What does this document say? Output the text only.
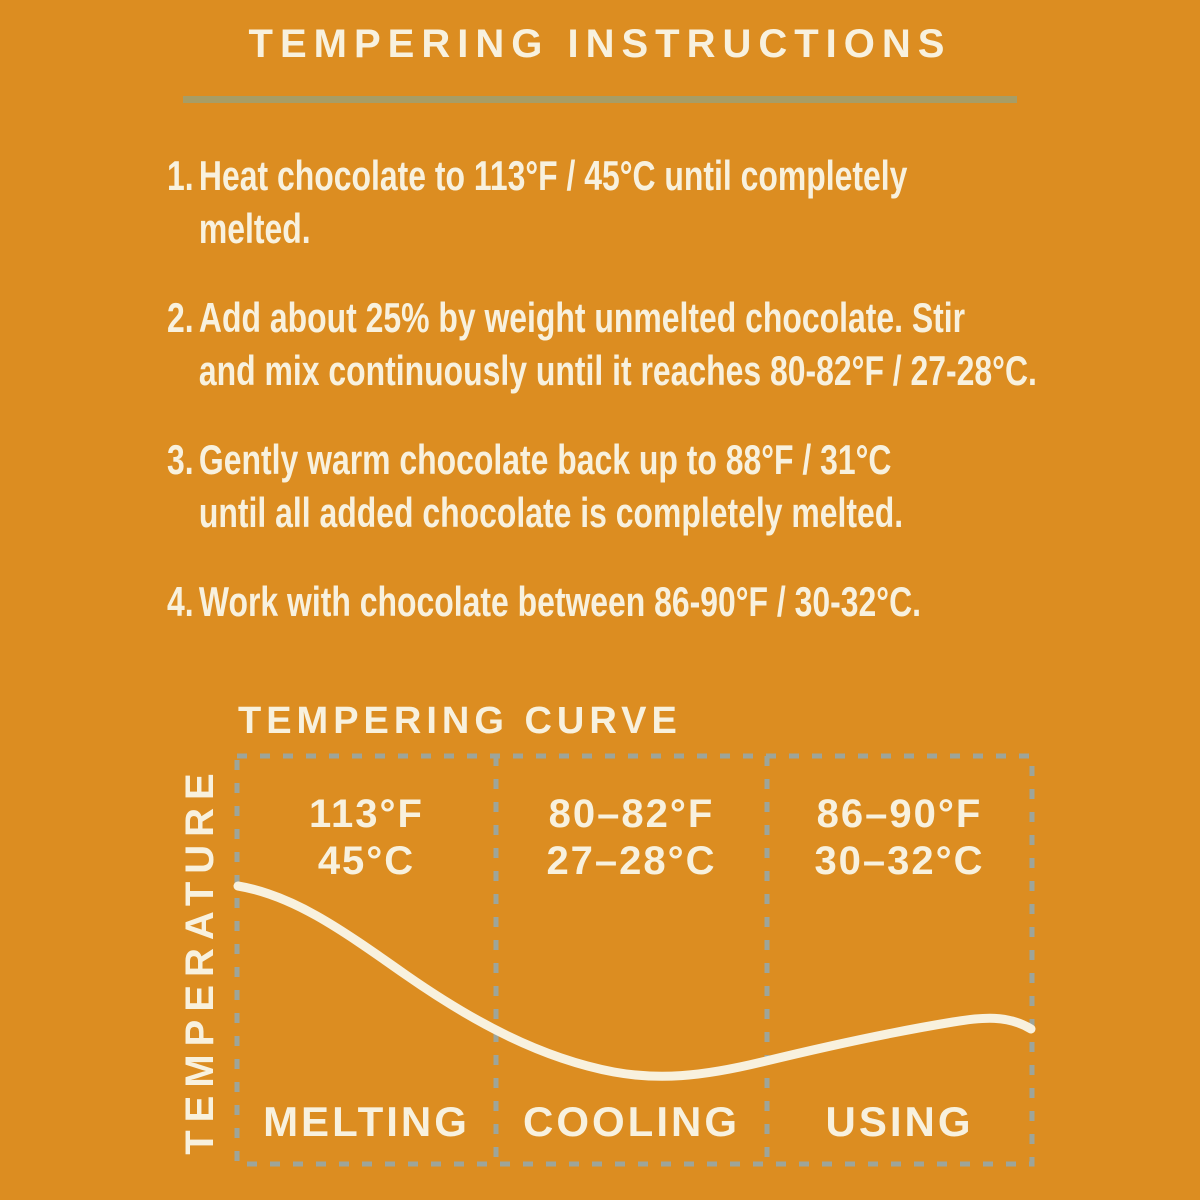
TEMPERING INSTRUCTIONS
1. Heat chocolate to 113°F / 45°C until completely
melted.
2. Add about 25% by weight unmelted chocolate. Stir
and mix continuously until it reaches 80-82°F / 27-28°C.
3. Gently warm chocolate back up to 88°F / 31°C
until all added chocolate is completely melted.
4. Work with chocolate between 86-90°F / 30-32°C.
TEMPERING CURVE
TEMPERATURE	113°F
45°C
80–82°F
27–28°C
86–90°F
30–32°C
MELTING	COOLING	USING
